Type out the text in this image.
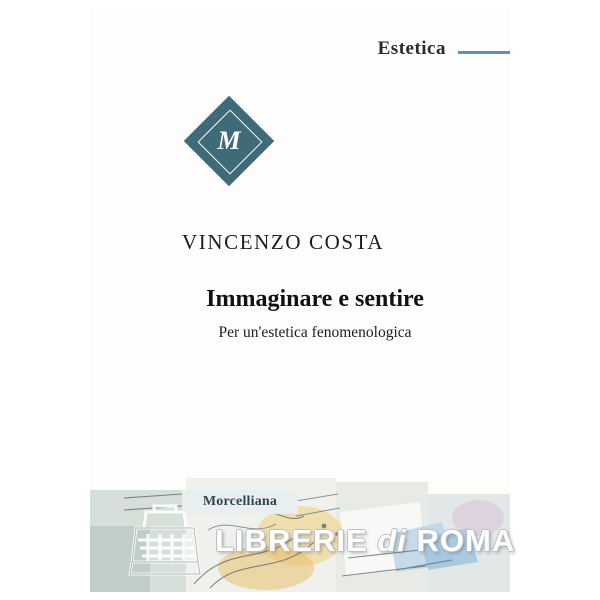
Estetica
M
VINCENZO COSTA
Immaginare e sentire
Per un'estetica fenomenologica
Morcelliana
LIBRERIE di ROMA
